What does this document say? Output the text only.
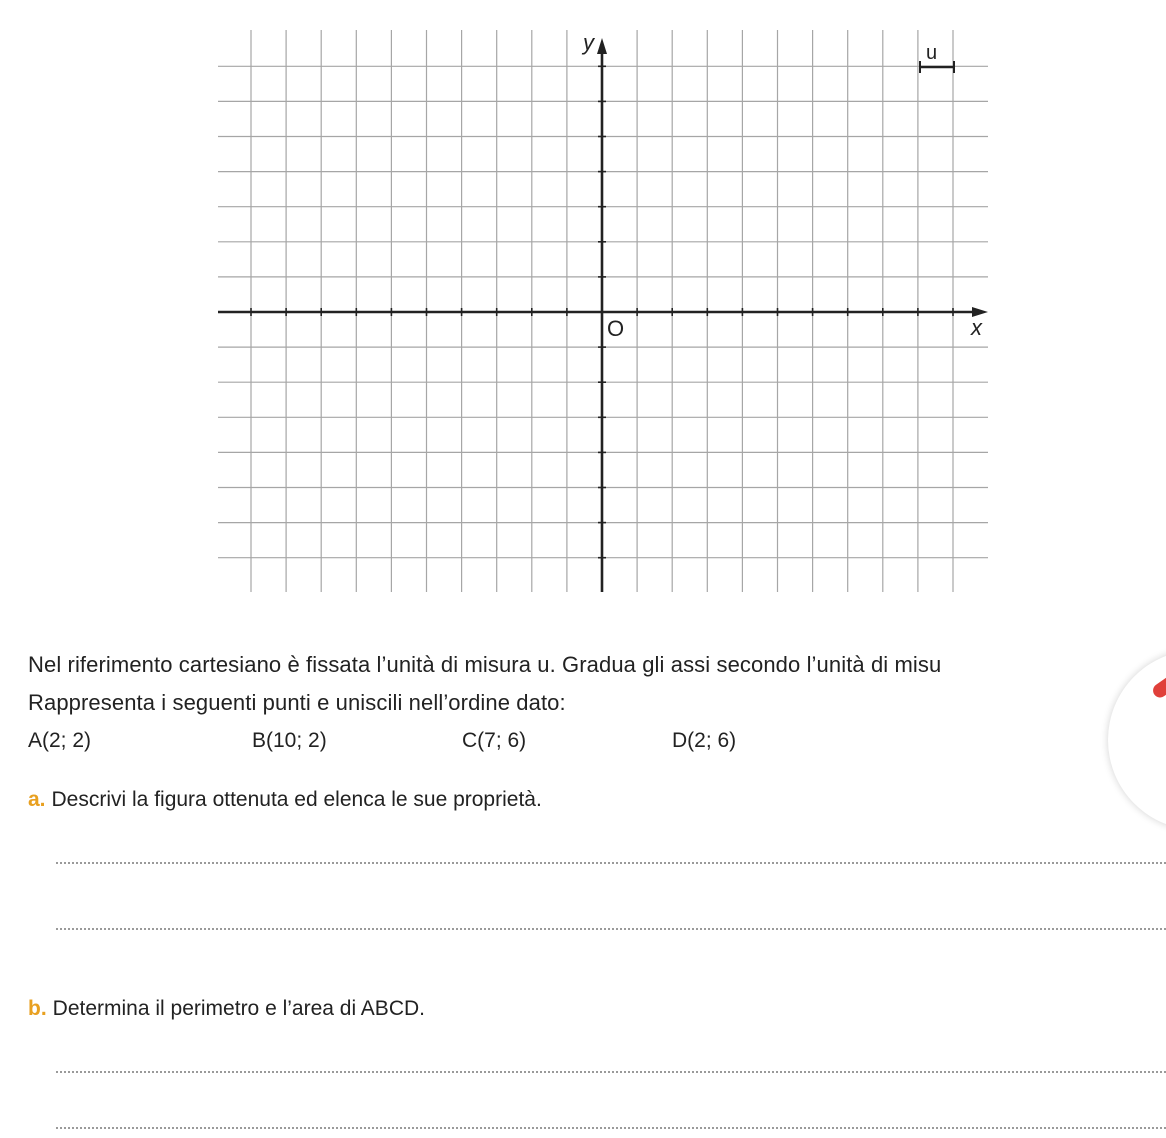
y
x
O
u
Nel riferimento cartesiano è fissata l’unità di misura u. Gradua gli assi secondo l’unità di misu
Rappresenta i seguenti punti e uniscili nell’ordine dato:
A(2; 2)	B(10; 2)	C(7; 6)	D(2; 6)
a. Descrivi la figura ottenuta ed elenca le sue proprietà.
b. Determina il perimetro e l’area di ABCD.
